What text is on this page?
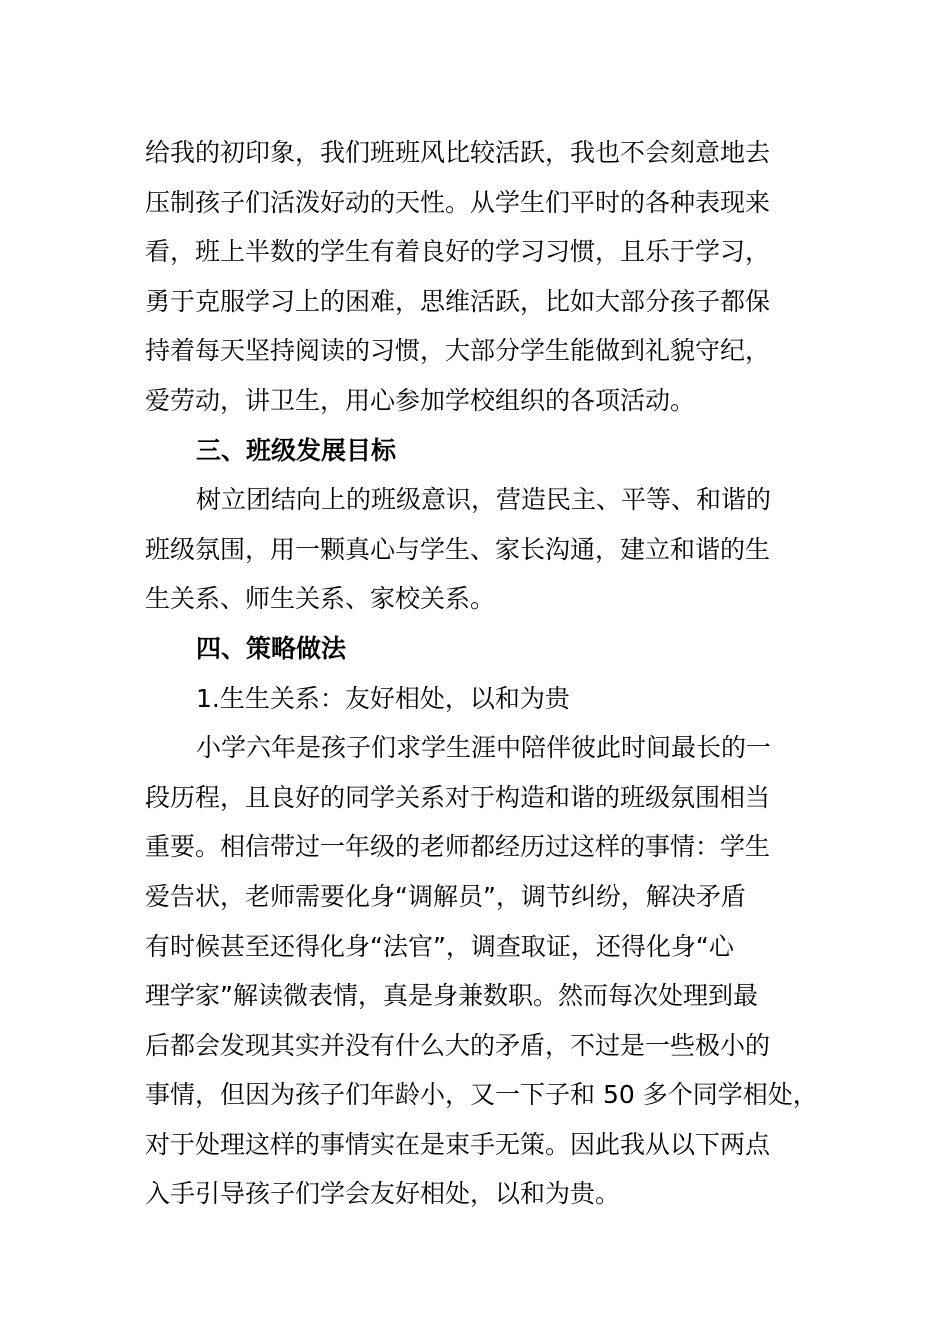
给我的初印象，我们班班风比较活跃，我也不会刻意地去
压制孩子们活泼好动的天性。从学生们平时的各种表现来
看，班上半数的学生有着良好的学习习惯，且乐于学习，
勇于克服学习上的困难，思维活跃，比如大部分孩子都保
持着每天坚持阅读的习惯，大部分学生能做到礼貌守纪，
爱劳动，讲卫生，用心参加学校组织的各项活动。
三、班级发展目标
树立团结向上的班级意识，营造民主、平等、和谐的
班级氛围，用一颗真心与学生、家长沟通，建立和谐的生
生关系、师生关系、家校关系。
四、策略做法
1.生生关系：友好相处，以和为贵
小学六年是孩子们求学生涯中陪伴彼此时间最长的一
段历程，且良好的同学关系对于构造和谐的班级氛围相当
重要。相信带过一年级的老师都经历过这样的事情：学生
爱告状，老师需要化身“调解员”，调节纠纷，解决矛盾
有时候甚至还得化身“法官”，调查取证，还得化身“心
理学家”解读微表情，真是身兼数职。然而每次处理到最
后都会发现其实并没有什么大的矛盾，不过是一些极小的
事情，但因为孩子们年龄小，又一下子和 50 多个同学相处，
对于处理这样的事情实在是束手无策。因此我从以下两点
入手引导孩子们学会友好相处，以和为贵。
